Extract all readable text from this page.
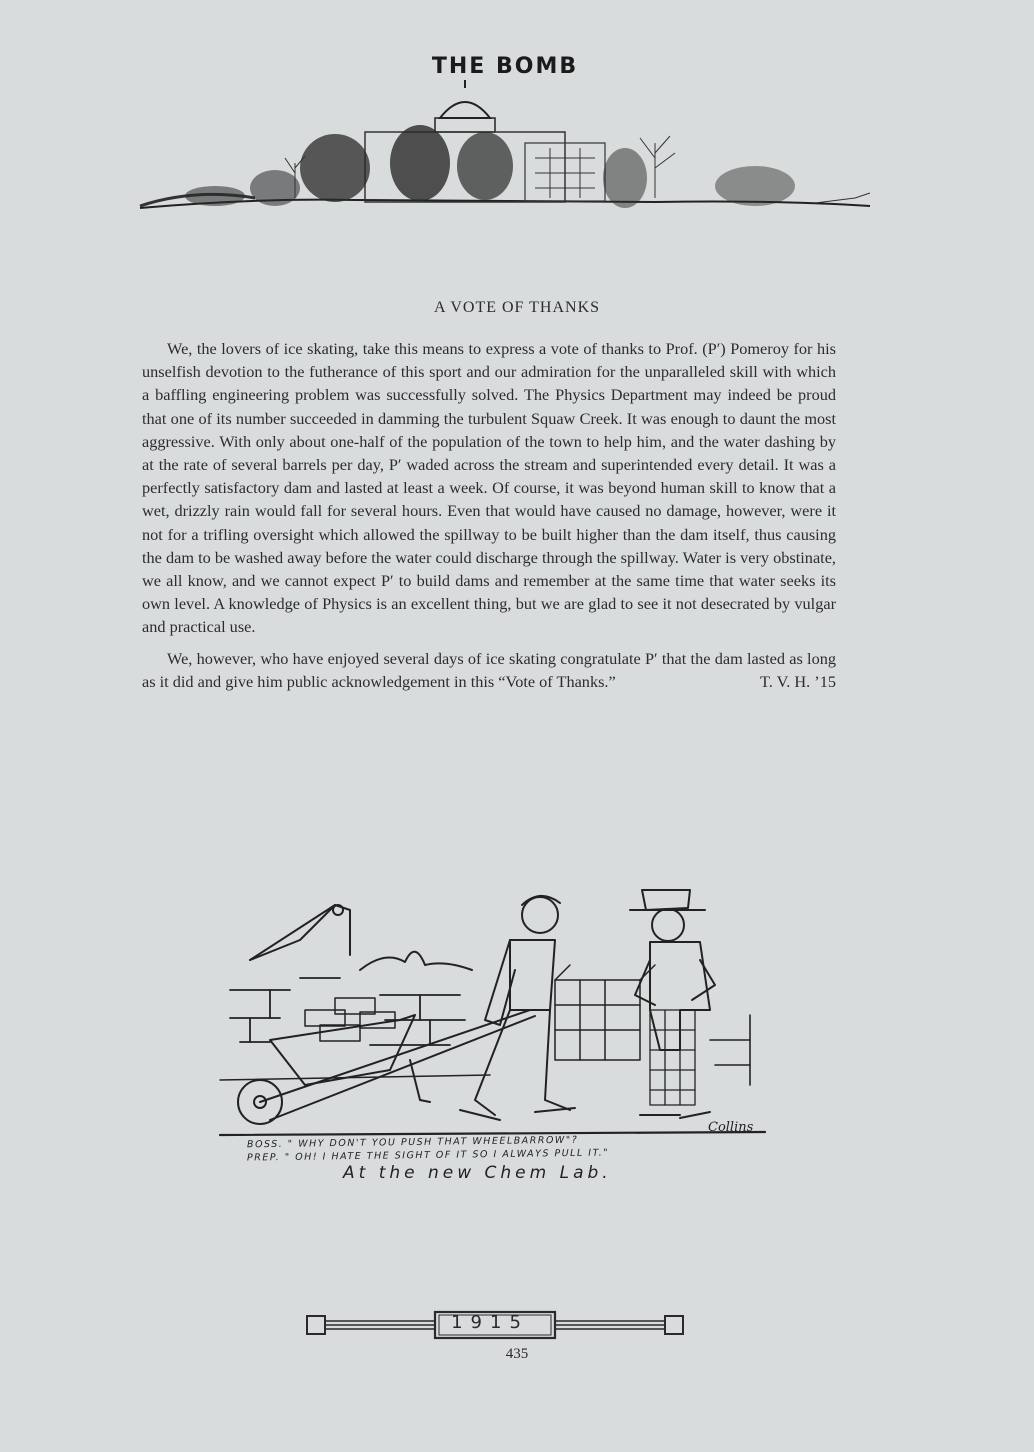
THE BOMB
A VOTE OF THANKS

We, the lovers of ice skating, take this means to express a vote of thanks to Prof. (P′) Pomeroy for his unselfish devotion to the futherance of this sport and our admiration for the unparalleled skill with which a baffling engineering problem was successfully solved. The Physics Department may indeed be proud that one of its number succeeded in damming the turbulent Squaw Creek. It was enough to daunt the most aggressive. With only about one-half of the population of the town to help him, and the water dashing by at the rate of several barrels per day, P′ waded across the stream and superintended every detail. It was a perfectly satisfactory dam and lasted at least a week. Of course, it was beyond human skill to know that a wet, drizzly rain would fall for several hours. Even that would have caused no damage, however, were it not for a trifling oversight which allowed the spillway to be built higher than the dam itself, thus causing the dam to be washed away before the water could discharge through the spillway. Water is very obstinate, we all know, and we cannot expect P′ to build dams and remember at the same time that water seeks its own level. A knowledge of Physics is an excellent thing, but we are glad to see it not desecrated by vulgar and practical use.

We, however, who have enjoyed several days of ice skating congratulate P′ that the dam lasted as long as it did and give him public acknowledgement in this “Vote of Thanks.”	T. V. H. ’15

Collins
BOSS. " WHY DON'T YOU PUSH THAT WHEELBARROW"?
PREP. " OH! I HATE THE SIGHT OF IT SO I ALWAYS PULL IT."
At the new Chem Lab.
1915
435
